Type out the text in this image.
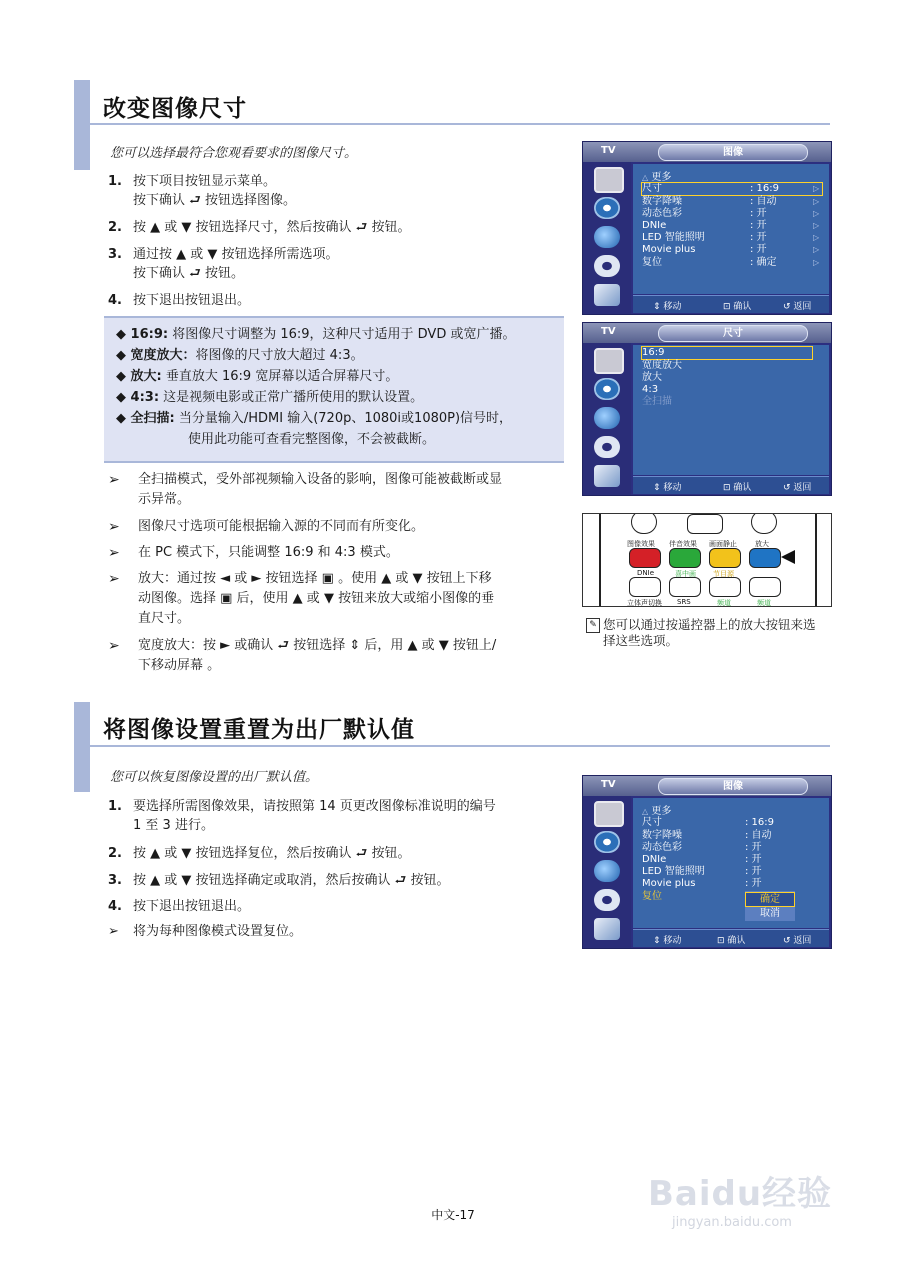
改变图像尺寸
您可以选择最符合您观看要求的图像尺寸。
1. 按下项目按钮显示菜单。
按下确认 ⮐ 按钮选择图像。
2. 按 ▲ 或 ▼ 按钮选择尺寸，然后按确认 ⮐ 按钮。
3. 通过按 ▲ 或 ▼ 按钮选择所需选项。
按下确认 ⮐ 按钮。
4. 按下退出按钮退出。
◆ 16:9: 将图像尺寸调整为 16:9，这种尺寸适用于 DVD 或宽广播。
◆ 宽度放大：将图像的尺寸放大超过 4:3。
◆ 放大: 垂直放大 16:9 宽屏幕以适合屏幕尺寸。
◆ 4:3: 这是视频电影或正常广播所使用的默认设置。
◆ 全扫描: 当分量输入/HDMI 输入(720p、1080i或1080P)信号时，
使用此功能可查看完整图像，不会被截断。
➢ 全扫描模式，受外部视频输入设备的影响，图像可能被截断或显
示异常。
➢ 图像尺寸选项可能根据输入源的不同而有所变化。
➢ 在 PC 模式下，只能调整 16:9 和 4:3 模式。
➢ 放大：通过按 ◄ 或 ► 按钮选择 ▣ 。使用 ▲ 或 ▼ 按钮上下移
动图像。选择 ▣ 后，使用 ▲ 或 ▼ 按钮来放大或缩小图像的垂
直尺寸。
➢ 宽度放大：按 ► 或确认 ⮐ 按钮选择 ⇕ 后，用 ▲ 或 ▼ 按钮上/
下移动屏幕 。
TV	图像
△ 更多
尺寸	: 16:9	▷
数字降噪	: 自动	▷
动态色彩	: 开	▷
DNIe	: 开	▷
LED 智能照明	: 开	▷
Movie plus	: 开	▷
复位	: 确定	▷
⇕ 移动	⊡ 确认	↺ 返回
TV	尺寸
16:9
宽度放大
放大
4:3
全扫描
⇕ 移动	⊡ 确认	↺ 返回
图像效果 伴音效果 画面静止	放大
DNIe	喜中画 节目源
立体声切换 SRS	频道	频道
✎ 您可以通过按遥控器上的放大按钮来选
择这些选项。
将图像设置重置为出厂默认值
您可以恢复图像设置的出厂默认值。
1. 要选择所需图像效果，请按照第 14 页更改图像标准说明的编号
1 至 3 进行。
2. 按 ▲ 或 ▼ 按钮选择复位，然后按确认 ⮐ 按钮。
3. 按 ▲ 或 ▼ 按钮选择确定或取消，然后按确认 ⮐ 按钮。
4. 按下退出按钮退出。
➢ 将为每种图像模式设置复位。
TV	图像
△ 更多
尺寸	: 16:9
数字降噪	: 自动
动态色彩	: 开
DNIe	: 开
LED 智能照明	: 开
Movie plus	: 开
复位	确定
取消
⇕ 移动	⊡ 确认	↺ 返回
中文-17
Baidu经验
jingyan.baidu.com
